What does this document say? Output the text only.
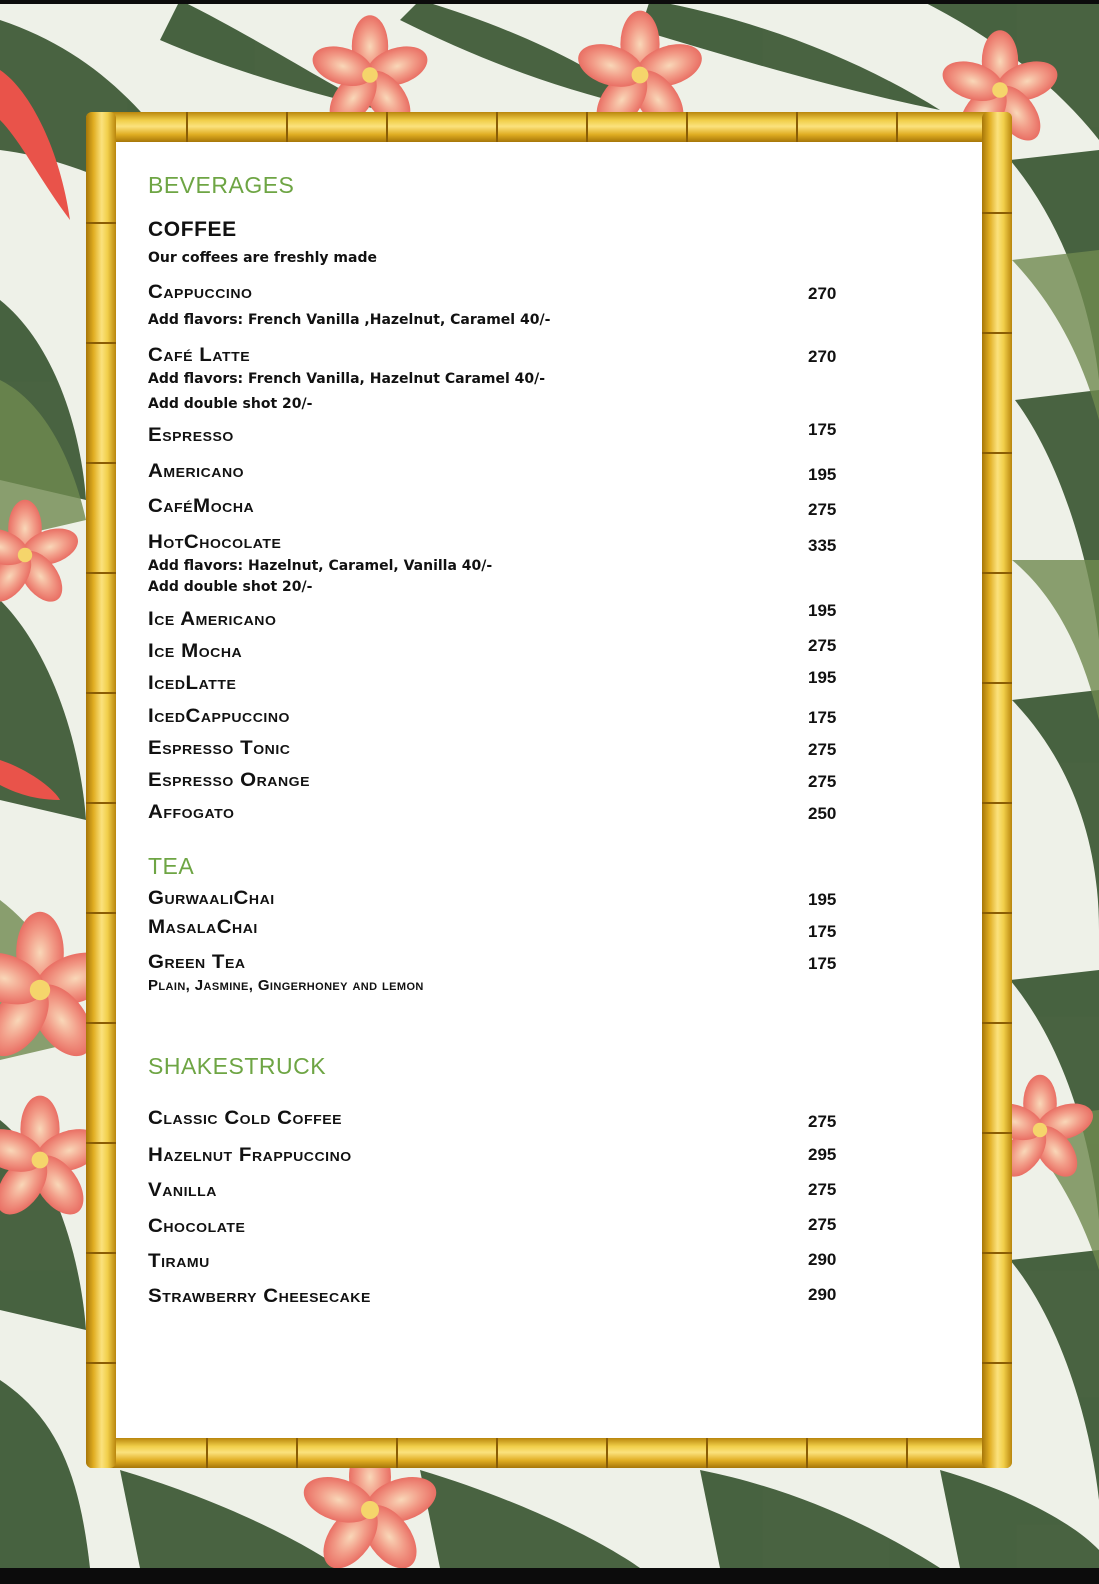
BEVERAGES
COFFEE
Our coffees are freshly made
Cappuccino	270
Add flavors: French Vanilla ,Hazelnut, Caramel 40/-
Café Latte	270
Add flavors: French Vanilla, Hazelnut Caramel 40/-
Add double shot 20/-
Espresso	175
Americano	195
CaféMocha	275
HotChocolate	335
Add flavors: Hazelnut, Caramel, Vanilla 40/-
Add double shot 20/-
Ice Americano	195
Ice Mocha	275
IcedLatte	195
IcedCappuccino	175
Espresso Tonic	275
Espresso Orange	275
Affogato	250
TEA
GurwaaliChai	195
MasalaChai	175
Green Tea	175
Plain, Jasmine, Gingerhoney and lemon
SHAKESTRUCK
Classic Cold Coffee	275
Hazelnut Frappuccino	295
Vanilla	275
Chocolate	275
Tiramu	290
Strawberry Cheesecake	290
